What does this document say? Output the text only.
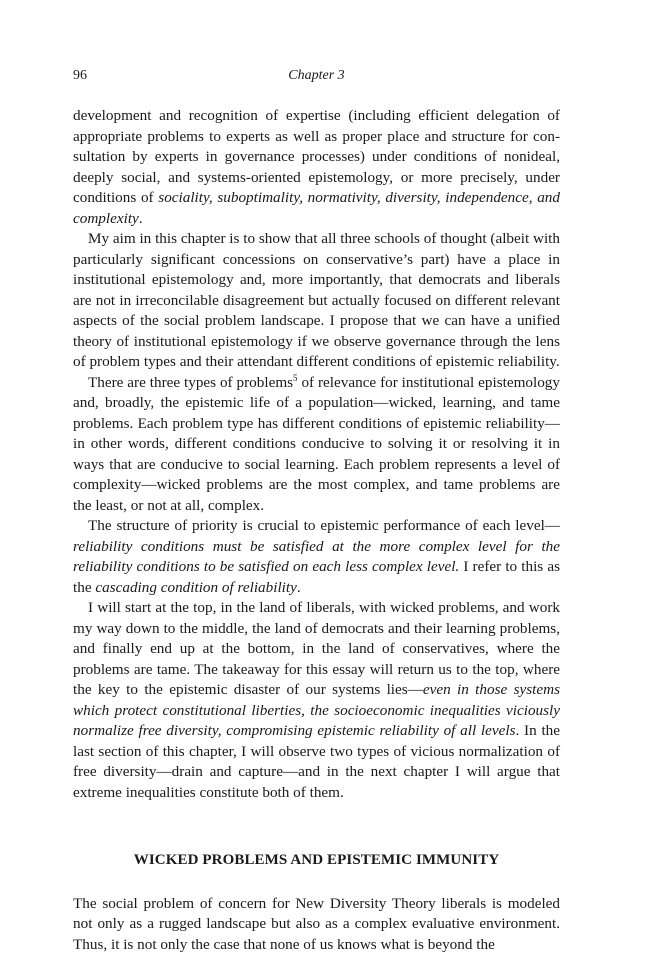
96	Chapter 3

development and recognition of expertise (including efficient delegation of appropriate problems to experts as well as proper place and structure for consultation by experts in governance processes) under conditions of nonideal, deeply social, and systems-oriented epistemology, or more precisely, under conditions of sociality, suboptimality, normativity, diversity, independence, and complexity.

My aim in this chapter is to show that all three schools of thought (albeit with particularly significant concessions on conservative’s part) have a place in institutional epistemology and, more importantly, that democrats and liberals are not in irreconcilable disagreement but actually focused on different relevant aspects of the social problem landscape. I propose that we can have a unified theory of institutional epistemology if we observe governance through the lens of problem types and their attendant different conditions of epistemic reliability.

There are three types of problems$^5$ of relevance for institutional epistemology and, broadly, the epistemic life of a population—wicked, learning, and tame problems. Each problem type has different conditions of epistemic reliability—in other words, different conditions conducive to solving it or resolving it in ways that are conducive to social learning. Each problem represents a level of complexity—wicked problems are the most complex, and tame problems are the least, or not at all, complex.

The structure of priority is crucial to epistemic performance of each level—reliability conditions must be satisfied at the more complex level for the reliability conditions to be satisfied on each less complex level. I refer to this as the cascading condition of reliability.

I will start at the top, in the land of liberals, with wicked problems, and work my way down to the middle, the land of democrats and their learning problems, and finally end up at the bottom, in the land of conservatives, where the problems are tame. The takeaway for this essay will return us to the top, where the key to the epistemic disaster of our systems lies—even in those systems which protect constitutional liberties, the socioeconomic inequalities viciously normalize free diversity, compromising epistemic reliability of all levels. In the last section of this chapter, I will observe two types of vicious normalization of free diversity—drain and capture—and in the next chapter I will argue that extreme inequalities constitute both of them.

WICKED PROBLEMS AND EPISTEMIC IMMUNITY

The social problem of concern for New Diversity Theory liberals is modeled not only as a rugged landscape but also as a complex evaluative environment. Thus, it is not only the case that none of us knows what is beyond the
